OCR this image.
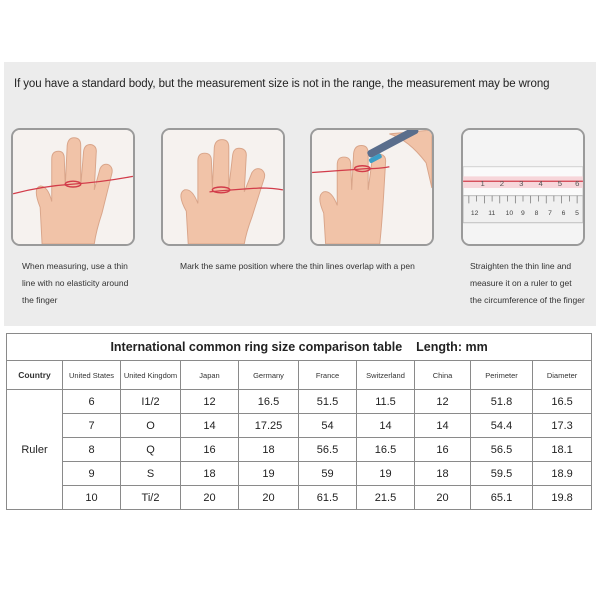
If you have a standard body, but the measurement size is not in the range, the measurement may be wrong
1 2 3 4 5 6
12 11 10 9 8 7 6 5
When measuring, use a thin
line with no elasticity around
the finger
Mark the same position where the thin lines overlap with a pen	Straighten the thin line and
measure it on a ruler to get
the circumference of the finger
International common ring size comparison table Length: mm									
Country	United States	United Kingdom	Japan	Germany	France	Switzerland	China	Perimeter	Diameter
Ruler	6	I1/2	12	16.5	51.5	11.5	12	51.8	16.5
	7	O	14	17.25	54	14	14	54.4	17.3
	8	Q	16	18	56.5	16.5	16	56.5	18.1
	9	S	18	19	59	19	18	59.5	18.9
	10	Ti/2	20	20	61.5	21.5	20	65.1	19.8
